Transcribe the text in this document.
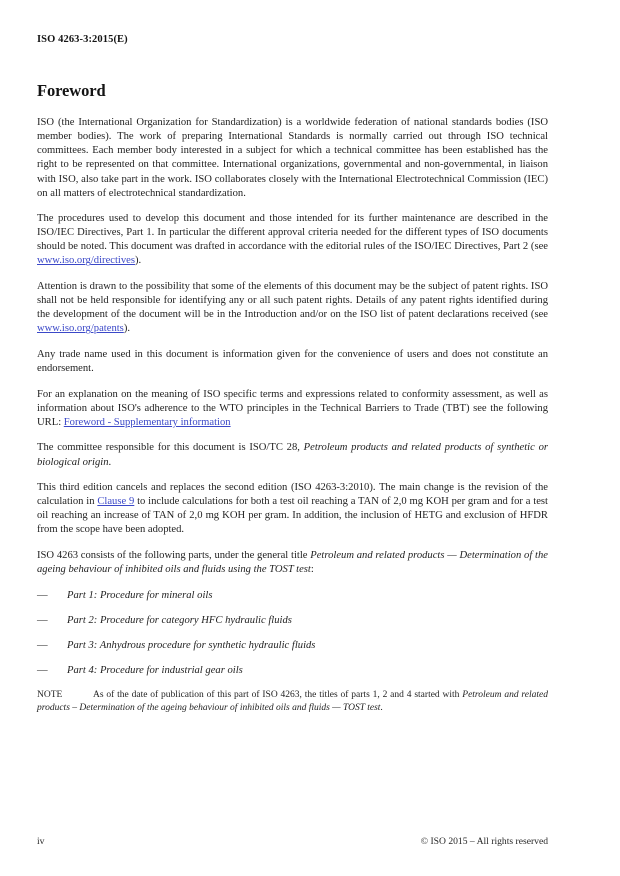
ISO 4263-3:2015(E)
Foreword

ISO (the International Organization for Standardization) is a worldwide federation of national standards bodies (ISO member bodies). The work of preparing International Standards is normally carried out through ISO technical committees. Each member body interested in a subject for which a technical committee has been established has the right to be represented on that committee. International organizations, governmental and non-governmental, in liaison with ISO, also take part in the work. ISO collaborates closely with the International Electrotechnical Commission (IEC) on all matters of electrotechnical standardization.

The procedures used to develop this document and those intended for its further maintenance are described in the ISO/IEC Directives, Part 1. In particular the different approval criteria needed for the different types of ISO documents should be noted. This document was drafted in accordance with the editorial rules of the ISO/IEC Directives, Part 2 (see www.iso.org/directives).

Attention is drawn to the possibility that some of the elements of this document may be the subject of patent rights. ISO shall not be held responsible for identifying any or all such patent rights. Details of any patent rights identified during the development of the document will be in the Introduction and/or on the ISO list of patent declarations received (see www.iso.org/patents).

Any trade name used in this document is information given for the convenience of users and does not constitute an endorsement.

For an explanation on the meaning of ISO specific terms and expressions related to conformity assessment, as well as information about ISO's adherence to the WTO principles in the Technical Barriers to Trade (TBT) see the following URL: Foreword - Supplementary information

The committee responsible for this document is ISO/TC 28, Petroleum products and related products of synthetic or biological origin.

This third edition cancels and replaces the second edition (ISO 4263-3:2010). The main change is the revision of the calculation in Clause 9 to include calculations for both a test oil reaching a TAN of 2,0 mg KOH per gram and for a test oil reaching an increase of TAN of 2,0 mg KOH per gram. In addition, the inclusion of HETG and exclusion of HFDR from the scope have been adopted.

ISO 4263 consists of the following parts, under the general title Petroleum and related products — Determination of the ageing behaviour of inhibited oils and fluids using the TOST test:

—	Part 1: Procedure for mineral oils
—	Part 2: Procedure for category HFC hydraulic fluids
—	Part 3: Anhydrous procedure for synthetic hydraulic fluids
—	Part 4: Procedure for industrial gear oils

NOTE	As of the date of publication of this part of ISO 4263, the titles of parts 1, 2 and 4 started with Petroleum and related products – Determination of the ageing behaviour of inhibited oils and fluids — TOST test.

iv	© ISO 2015 – All rights reserved
